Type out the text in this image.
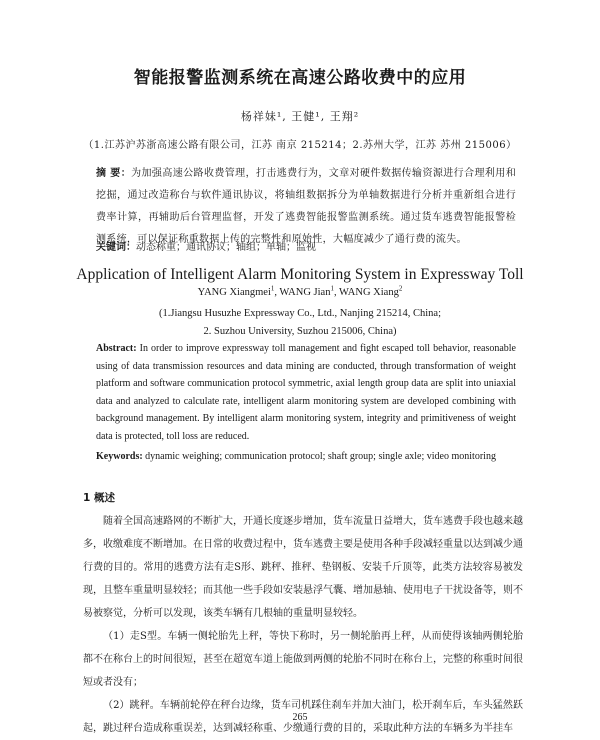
智能报警监测系统在高速公路收费中的应用
杨祥妹¹, 王健¹, 王翔²
（1.江苏沪苏浙高速公路有限公司，江苏 南京 215214；2.苏州大学，江苏 苏州 215006）
摘 要：为加强高速公路收费管理，打击逃费行为，文章对硬件数据传输资源进行合理利用和挖掘，通过改造称台与软件通讯协议，将轴组数据拆分为单轴数据进行分析并重新组合进行费率计算，再辅助后台管理监督，开发了逃费智能报警监测系统。通过货车逃费智能报警检测系统，可以保证称重数据上传的完整性和原始性，大幅度减少了通行费的流失。
关键词：动态称重；通讯协议；轴组；单轴；监视
Application of Intelligent Alarm Monitoring System in Expressway Toll
YANG Xiangmei$^1$, WANG Jian$^1$, WANG Xiang$^2$
(1.Jiangsu Husuzhe Expressway Co., Ltd., Nanjing 215214, China;
2. Suzhou University, Suzhou 215006, China)
Abstract: In order to improve expressway toll management and fight escaped toll behavior, reasonable using of data transmission resources and data mining are conducted, through transformation of weight platform and software communication protocol symmetric, axial length group data are split into uniaxial data and analyzed to calculate rate, intelligent alarm monitoring system are developed combining with background management. By intelligent alarm monitoring system, integrity and primitiveness of weight data is protected, toll loss are reduced.
Keywords: dynamic weighing; communication protocol; shaft group; single axle; video monitoring
1 概述

随着全国高速路网的不断扩大，开通长度逐步增加，货车流量日益增大，货车逃费手段也越来越多，收缴难度不断增加。在日常的收费过程中，货车逃费主要是使用各种手段减轻重量以达到减少通行费的目的。常用的逃费方法有走S形、跳秤、推秤、垫钢板、安装千斤顶等，此类方法较容易被发现，且整车重量明显较轻；而其他一些手段如安装悬浮气囊、增加悬轴、使用电子干扰设备等，则不易被察觉，分析可以发现，该类车辆有几根轴的重量明显较轻。

（1）走S型。车辆一侧轮胎先上秤，等快下称时，另一侧轮胎再上秤，从而使得该轴两侧轮胎都不在称台上的时间很短，甚至在超宽车道上能做到两侧的轮胎不同时在称台上，完整的称重时间很短或者没有；

（2）跳秤。车辆前轮停在秤台边缘，货车司机踩住刹车并加大油门，松开刹车后，车头猛然跃起，跳过秤台造成称重误差，达到减轻称重、少缴通行费的目的，采取此种方法的车辆多为半挂车

265
